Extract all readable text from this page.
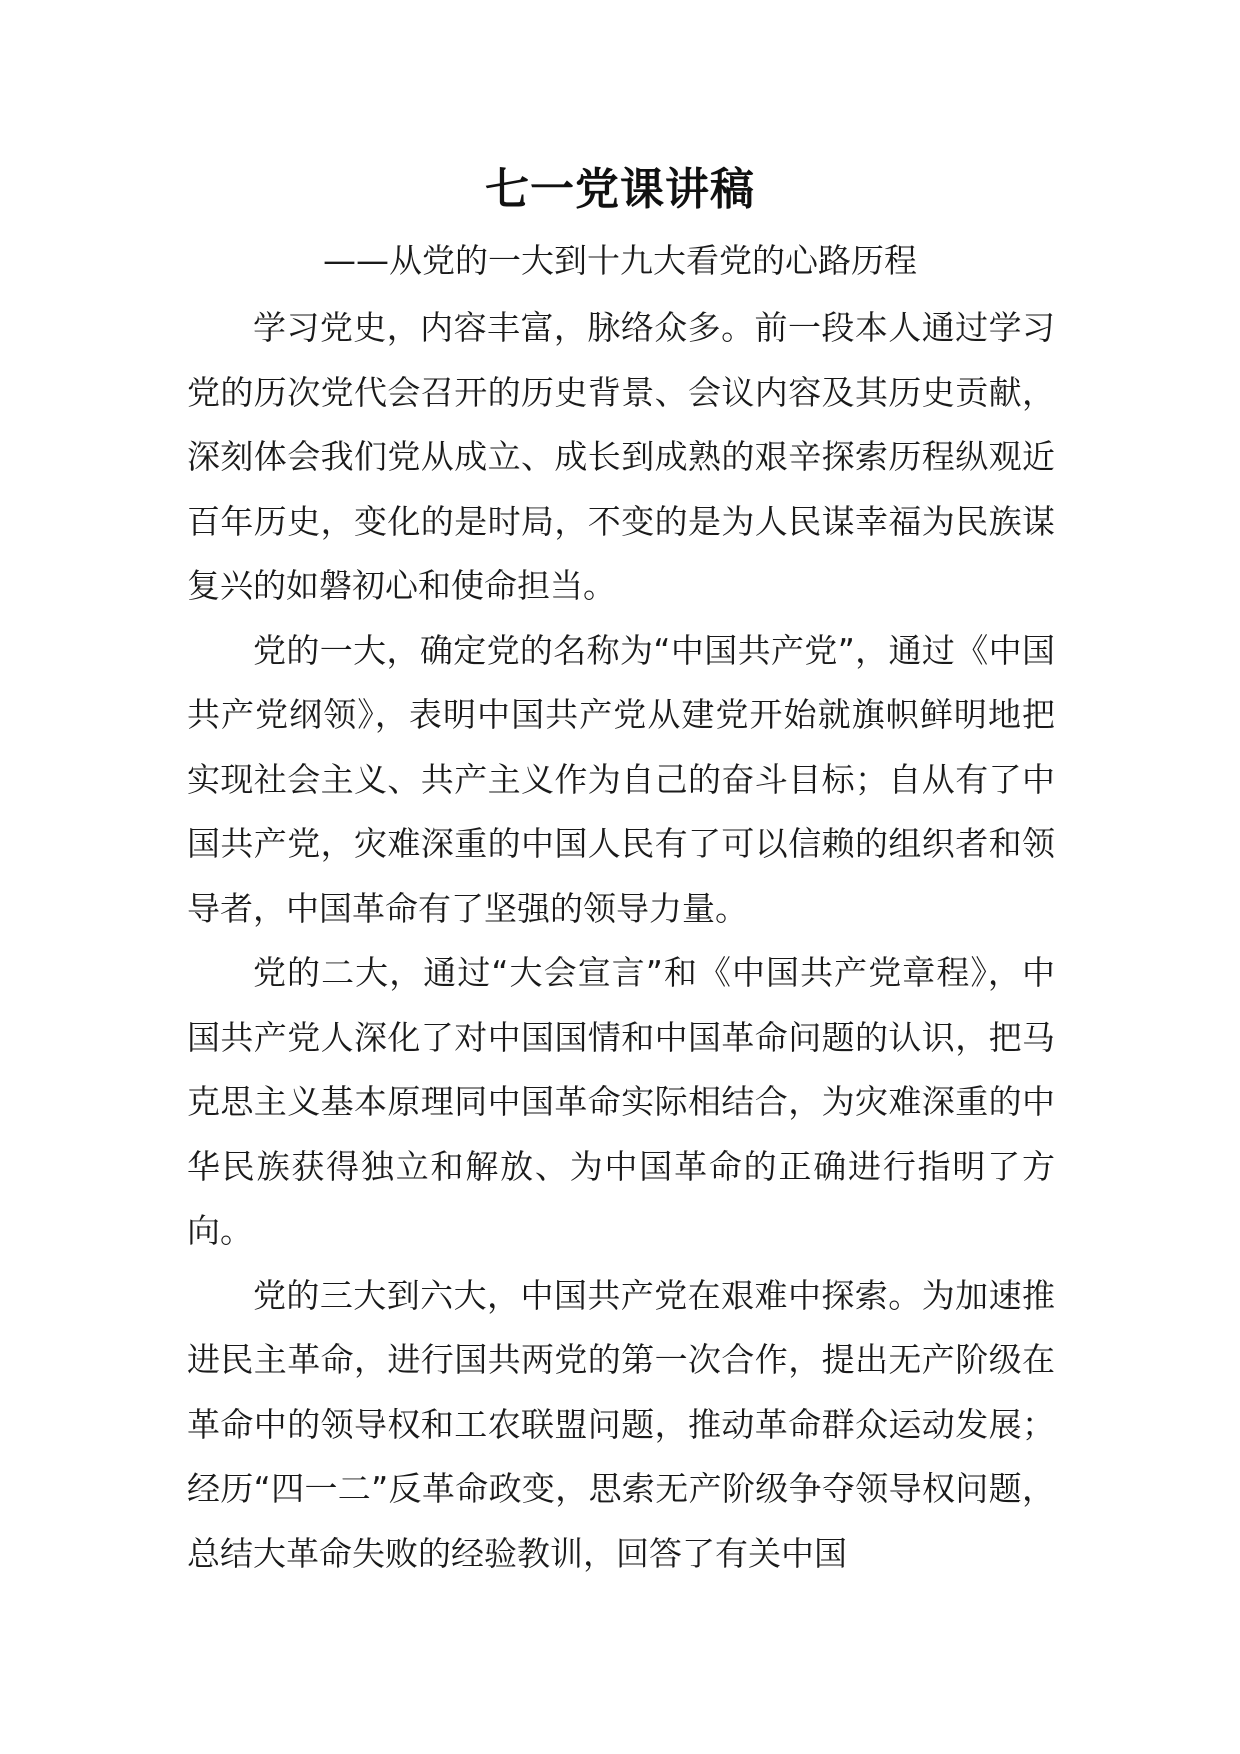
七一党课讲稿
——从党的一大到十九大看党的心路历程

学习党史，内容丰富，脉络众多。前一段本人通过学习党的历次党代会召开的历史背景、会议内容及其历史贡献，深刻体会我们党从成立、成长到成熟的艰辛探索历程纵观近百年历史，变化的是时局，不变的是为人民谋幸福为民族谋复兴的如磐初心和使命担当。

党的一大，确定党的名称为“中国共产党”，通过《中国共产党纲领》，表明中国共产党从建党开始就旗帜鲜明地把实现社会主义、共产主义作为自己的奋斗目标；自从有了中国共产党，灾难深重的中国人民有了可以信赖的组织者和领导者，中国革命有了坚强的领导力量。

党的二大，通过“大会宣言”和《中国共产党章程》，中国共产党人深化了对中国国情和中国革命问题的认识，把马克思主义基本原理同中国革命实际相结合，为灾难深重的中华民族获得独立和解放、为中国革命的正确进行指明了方向。

党的三大到六大，中国共产党在艰难中探索。为加速推进民主革命，进行国共两党的第一次合作，提出无产阶级在革命中的领导权和工农联盟问题，推动革命群众运动发展；经历“四一二”反革命政变，思索无产阶级争夺领导权问题，总结大革命失败的经验教训，回答了有关中国
